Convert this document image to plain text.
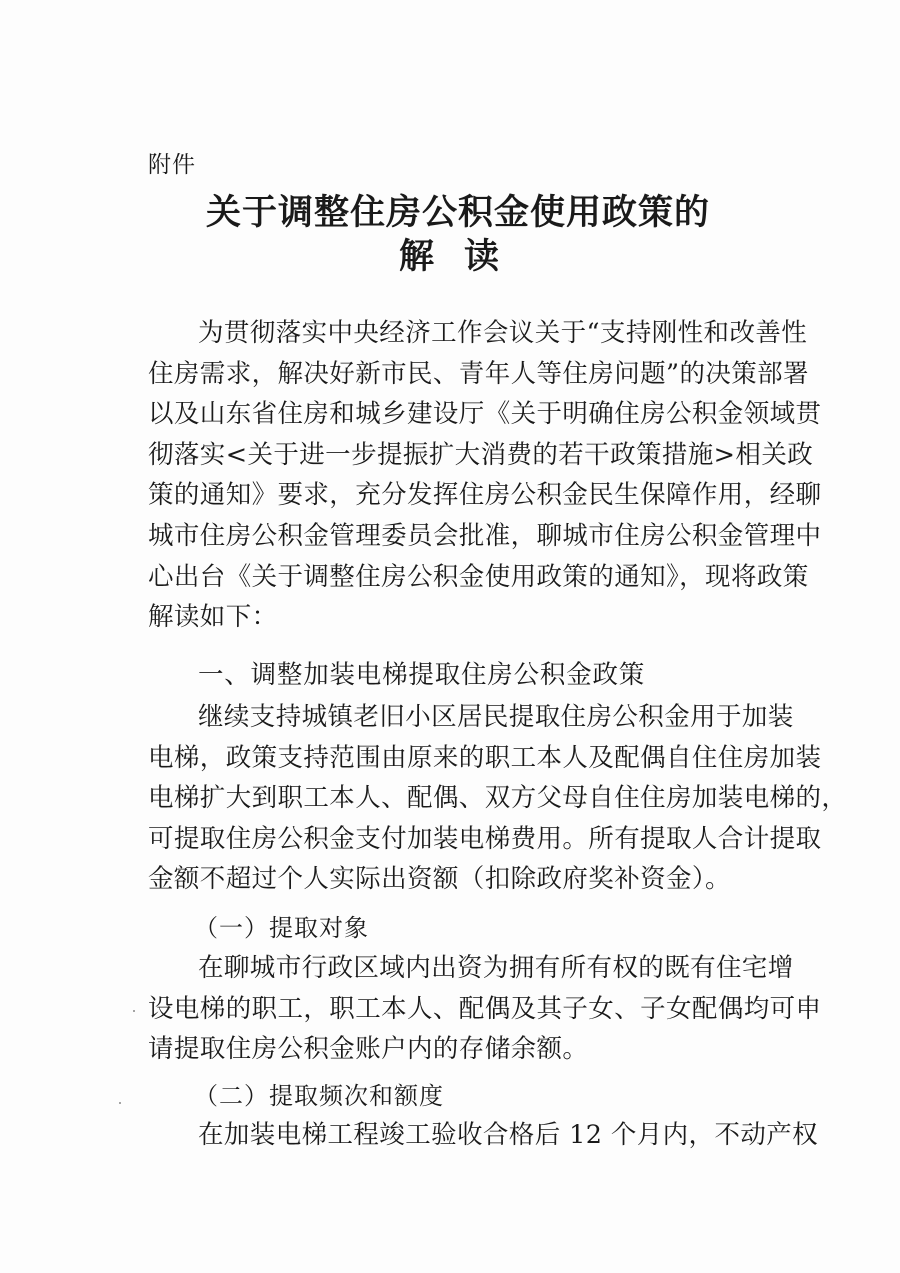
附件
关于调整住房公积金使用政策的
解读
为贯彻落实中央经济工作会议关于“支持刚性和改善性
住房需求，解决好新市民、青年人等住房问题”的决策部署
以及山东省住房和城乡建设厅《关于明确住房公积金领域贯
彻落实<关于进一步提振扩大消费的若干政策措施>相关政
策的通知》要求，充分发挥住房公积金民生保障作用，经聊
城市住房公积金管理委员会批准，聊城市住房公积金管理中
心出台《关于调整住房公积金使用政策的通知》，现将政策
解读如下：
一、调整加装电梯提取住房公积金政策
继续支持城镇老旧小区居民提取住房公积金用于加装
电梯，政策支持范围由原来的职工本人及配偶自住住房加装
电梯扩大到职工本人、配偶、双方父母自住住房加装电梯的，
可提取住房公积金支付加装电梯费用。所有提取人合计提取
金额不超过个人实际出资额（扣除政府奖补资金）。
（一）提取对象
在聊城市行政区域内出资为拥有所有权的既有住宅增
设电梯的职工，职工本人、配偶及其子女、子女配偶均可申
请提取住房公积金账户内的存储余额。
（二）提取频次和额度
在加装电梯工程竣工验收合格后 12 个月内，不动产权
